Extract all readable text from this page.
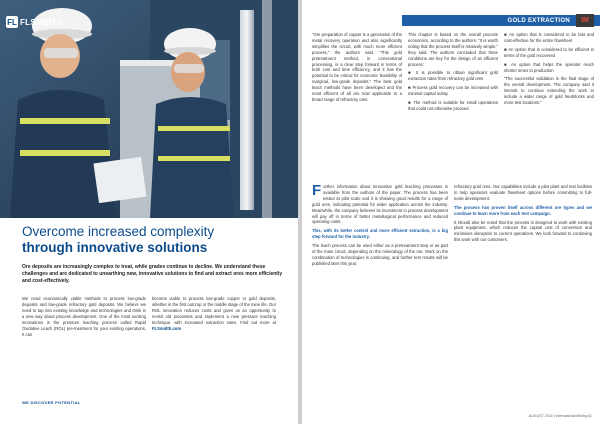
FL FLSMIDTH
Overcome increased complexity
through innovative solutions
Ore deposits are increasingly complex to treat, while grades continue to decline. We understand these challenges and are dedicated to unearthing new, innovative solutions to find and extract ores more efficiently and cost-effectively.
We need economically viable methods to process low-grade deposits and low-grade refractory gold deposits. We believe we need to tap into existing knowledge and technologies and think in a new way about process development. One of the most exciting innovations is the pressure leaching process called Rapid Oxidative Leach (ROL) pre-treatment for your existing operations. It can
become viable to process low-grade copper or gold deposits, whether in the first outcrop or the middle stage of the mine life. Our ROL innovation reduces costs and gives us an opportunity to revisit old processes and implement a new pressure leaching technique, with increased extraction rates. Find out more at FLSmidth.com
WE DISCOVER POTENTIAL
GOLD EXTRACTION IM

"Ore preparation of copper is a generation of the metal recovery operation and also significantly simplifies the circuit, with much more efficient process," the authors said. "This gold pretreatment method, in conventional processing, is a clear step forward in terms of both cost and time efficiency, and it has the potential to be critical for economic feasibility of marginal, low-grade deposits." The best gold leach methods have been developed and the most efficient of all are now applicable to a broad range of refractory ores.

This chapter is based on the overall process economics, according to the authors. "It is worth noting that the process itself is relatively simple," they said. The authors concluded that three conditions are key for the design of an efficient process:

■ It is possible to obtain significant gold extraction rates from refractory gold ores

■ Process gold recovery can be increased with minimal capital outlay

■ The method is suitable for small operations that could not otherwise proceed

■ An option that is considered to be fast and cost-effective for the entire flowsheet

■ An option that is considered to be efficient in terms of the gold recovered

■ An option that helps the operator reach shorter times to production

"The successful validation is the final stage of the overall development. The company said it intends to continue extending the work to include a wider range of gold feedstocks and more test locations."

Further information about innovative gold leaching processes is available from the authors of the paper. The process has been tested at pilot scale and it is showing good results for a range of gold ores, indicating potential for wider application across the industry. Meanwhile, the company believes its investment in process development will pay off in terms of better metallurgical performance and reduced operating costs.

This, with its better control and more efficient extraction, is a big step forward for the industry.

The leach process can be used either as a pretreatment step or as part of the main circuit, depending on the mineralogy of the ore. Work on the combination of technologies is continuing, and further test results will be published later this year.

refractory gold ores. Our capabilities include a pilot plant and test facilities to help operators evaluate flowsheet options before committing to full-scale development.

The process has proven itself across different ore types and we continue to learn more from each test campaign.

It should also be noted that the process is designed to work with existing plant equipment, which reduces the capital cost of conversion and minimises disruption to current operations. We look forward to continuing this work with our customers.

AUGUST 2018 | International Mining 61
